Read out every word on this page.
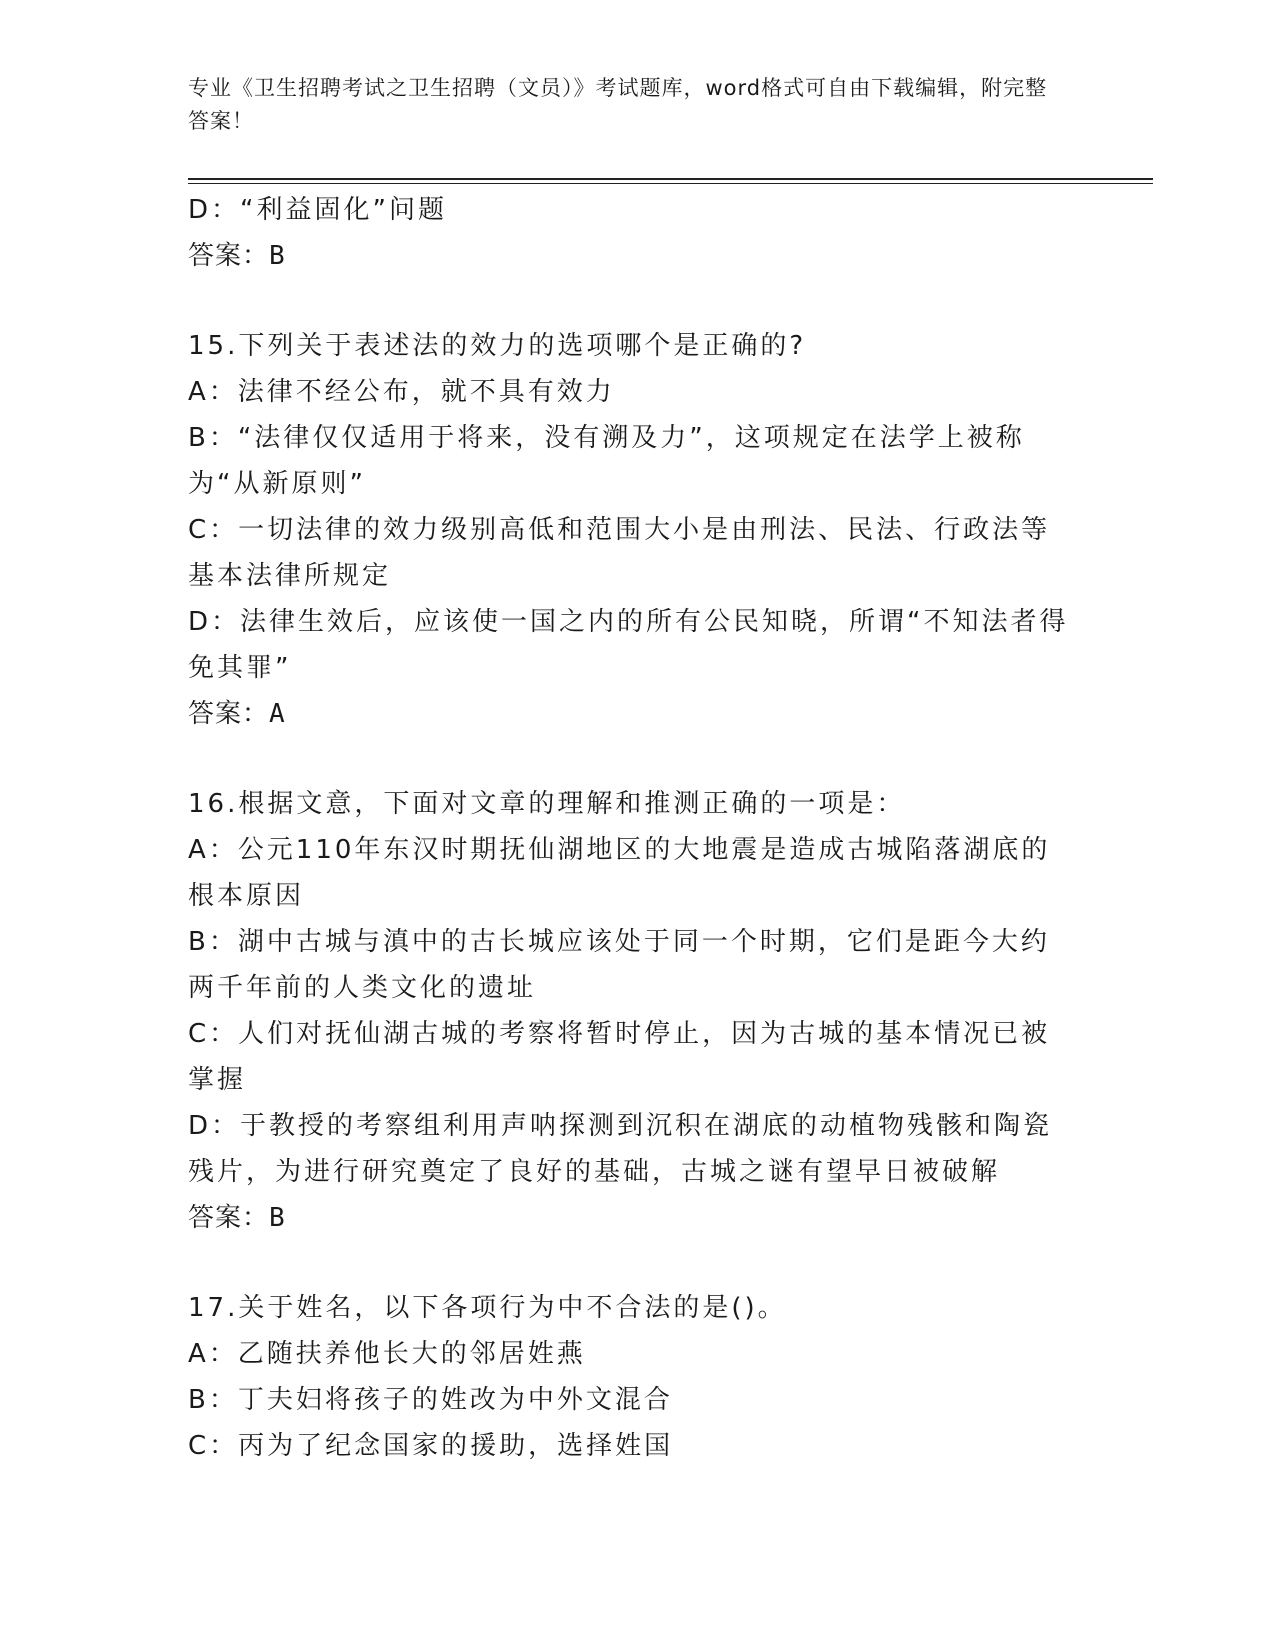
专业《卫生招聘考试之卫生招聘（文员）》考试题库，word格式可自由下载编辑，附完整答案！

D：“利益固化”问题

答案：B

15.下列关于表述法的效力的选项哪个是正确的?

A：法律不经公布，就不具有效力

B：“法律仅仅适用于将来，没有溯及力”，这项规定在法学上被称为“从新原则”

C：一切法律的效力级别高低和范围大小是由刑法、民法、行政法等基本法律所规定

D：法律生效后，应该使一国之内的所有公民知晓，所谓“不知法者得免其罪”

答案：A

16.根据文意，下面对文章的理解和推测正确的一项是：

A：公元110年东汉时期抚仙湖地区的大地震是造成古城陷落湖底的根本原因

B：湖中古城与滇中的古长城应该处于同一个时期，它们是距今大约两千年前的人类文化的遗址

C：人们对抚仙湖古城的考察将暂时停止，因为古城的基本情况已被掌握

D：于教授的考察组利用声呐探测到沉积在湖底的动植物残骸和陶瓷残片，为进行研究奠定了良好的基础，古城之谜有望早日被破解

答案：B

17.关于姓名，以下各项行为中不合法的是()。

A：乙随扶养他长大的邻居姓燕

B：丁夫妇将孩子的姓改为中外文混合

C：丙为了纪念国家的援助，选择姓国
